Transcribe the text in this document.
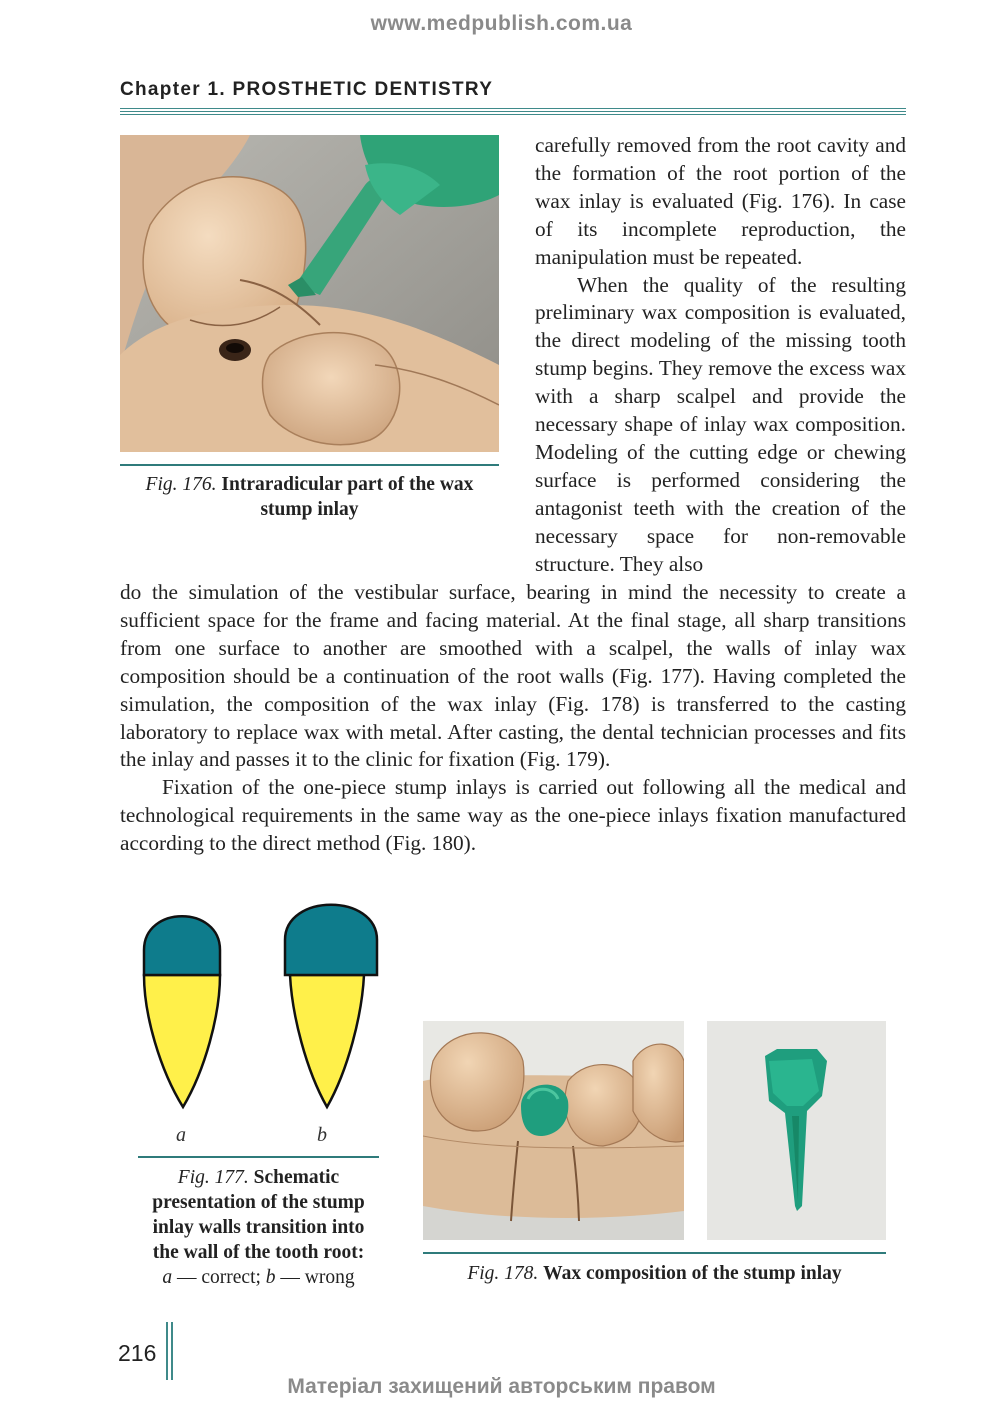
www.medpublish.com.ua
Chapter 1. PROSTHETIC DENTISTRY
Fig. 176. Intraradicular part of the wax stump inlay

carefully removed from the root cavity and the formation of the root portion of the wax inlay is evaluated (Fig. 176). In case of its incomplete reproduction, the manipulation must be repeated.

When the quality of the resulting preliminary wax composition is evaluated, the direct modeling of the missing tooth stump begins. They remove the excess wax with a sharp scalpel and provide the necessary shape of inlay wax composition. Modeling of the cutting edge or chewing surface is performed considering the antagonist teeth with the creation of the necessary space for non-removable structure. They also

do the simulation of the vestibular surface, bearing in mind the necessity to create a sufficient space for the frame and facing material. At the final stage, all sharp transitions from one surface to another are smoothed with a scalpel, the walls of inlay wax composition should be a continuation of the root walls (Fig. 177). Having completed the simulation, the composition of the wax inlay (Fig. 178) is transferred to the casting laboratory to replace wax with metal. After casting, the dental technician processes and fits the inlay and passes it to the clinic for fixation (Fig. 179).

Fixation of the one-piece stump inlays is carried out following all the medical and technological requirements in the same way as the one-piece inlays fixation manufactured according to the direct method (Fig. 180).

a	b
Fig. 177. Schematic presentation of the stump inlay walls transition into the wall of the tooth root:
a — correct; b — wrong	Fig. 178. Wax composition of the stump inlay
216
Матеріал захищений авторським правом
